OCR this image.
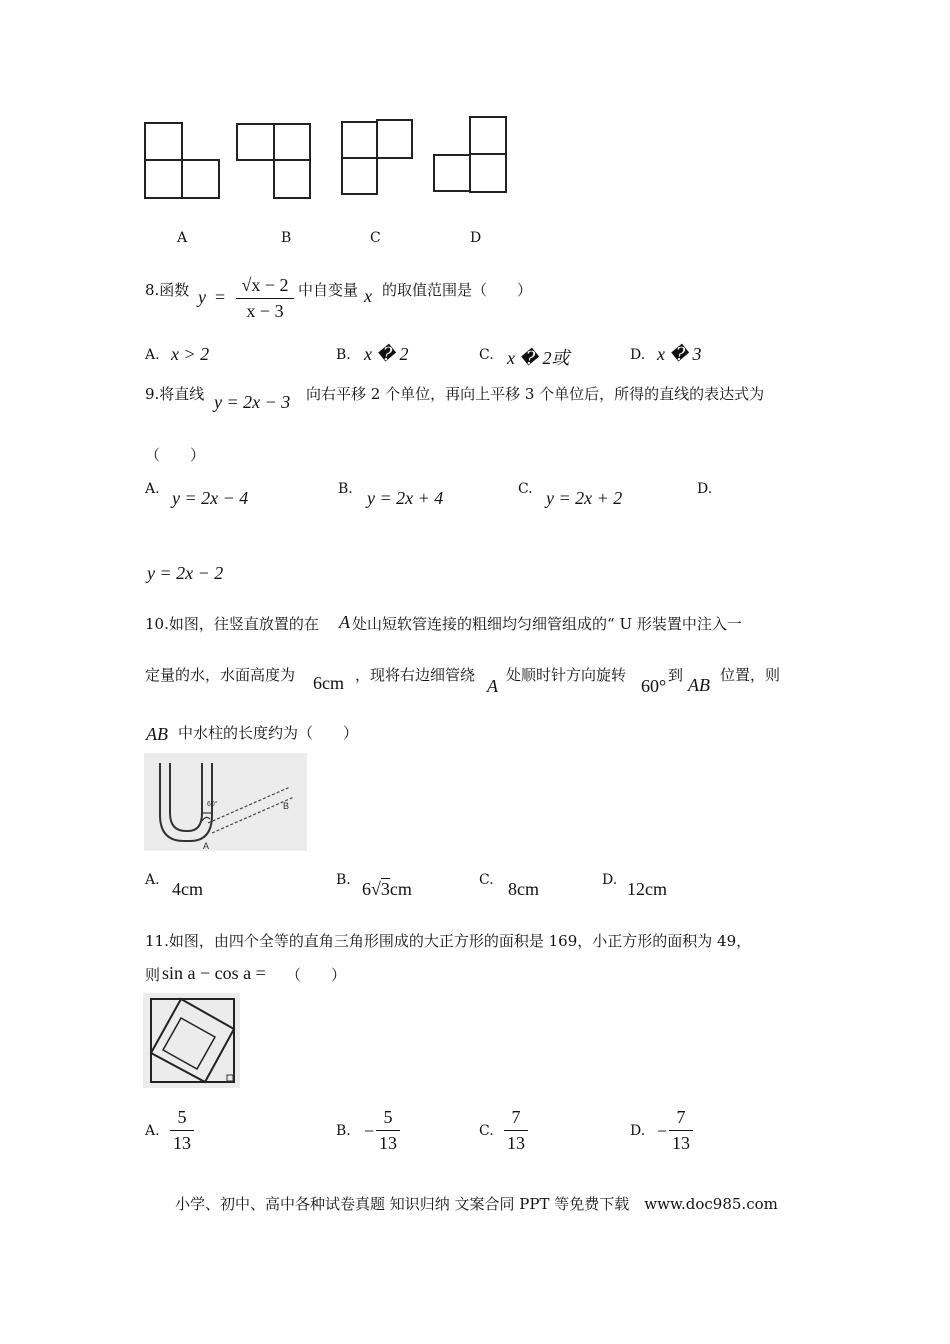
A	B	C	D
8.函数 y =
√x − 2
x − 3
中自变量 x 的取值范围是（　　）
A. x > 2	B. x � 2	C. x � 2或	D. x � 3
9.将直线 y = 2x − 3 向右平移 2 个单位，再向上平移 3 个单位后，所得的直线的表达式为
（　　）
A. y = 2x − 4	B. y = 2x + 4	C. y = 2x + 2	D.
y = 2x − 2
10.如图，往竖直放置的在 A 处山短软管连接的粗细均匀细管组成的“ U 形装置中注入一
定量的水，水面高度为 6cm ，现将右边细管绕
A
处顺时针方向旋转
60°
到 AB 位置，则
AB 中水柱的长度约为（　　）
60°
A
B
A. 4cm	B. 6√3cm	C. 8cm	D. 12cm
11.如图，由四个全等的直角三角形围成的大正方形的面积是 169，小正方形的面积为 49，
则 sin a − cos a = （　　）
A.
5
13
B. −
5
13
C.
7
13
D. −
7
13
小学、初中、高中各种试卷真题 知识归纳 文案合同 PPT 等免费下载　www.doc985.com
